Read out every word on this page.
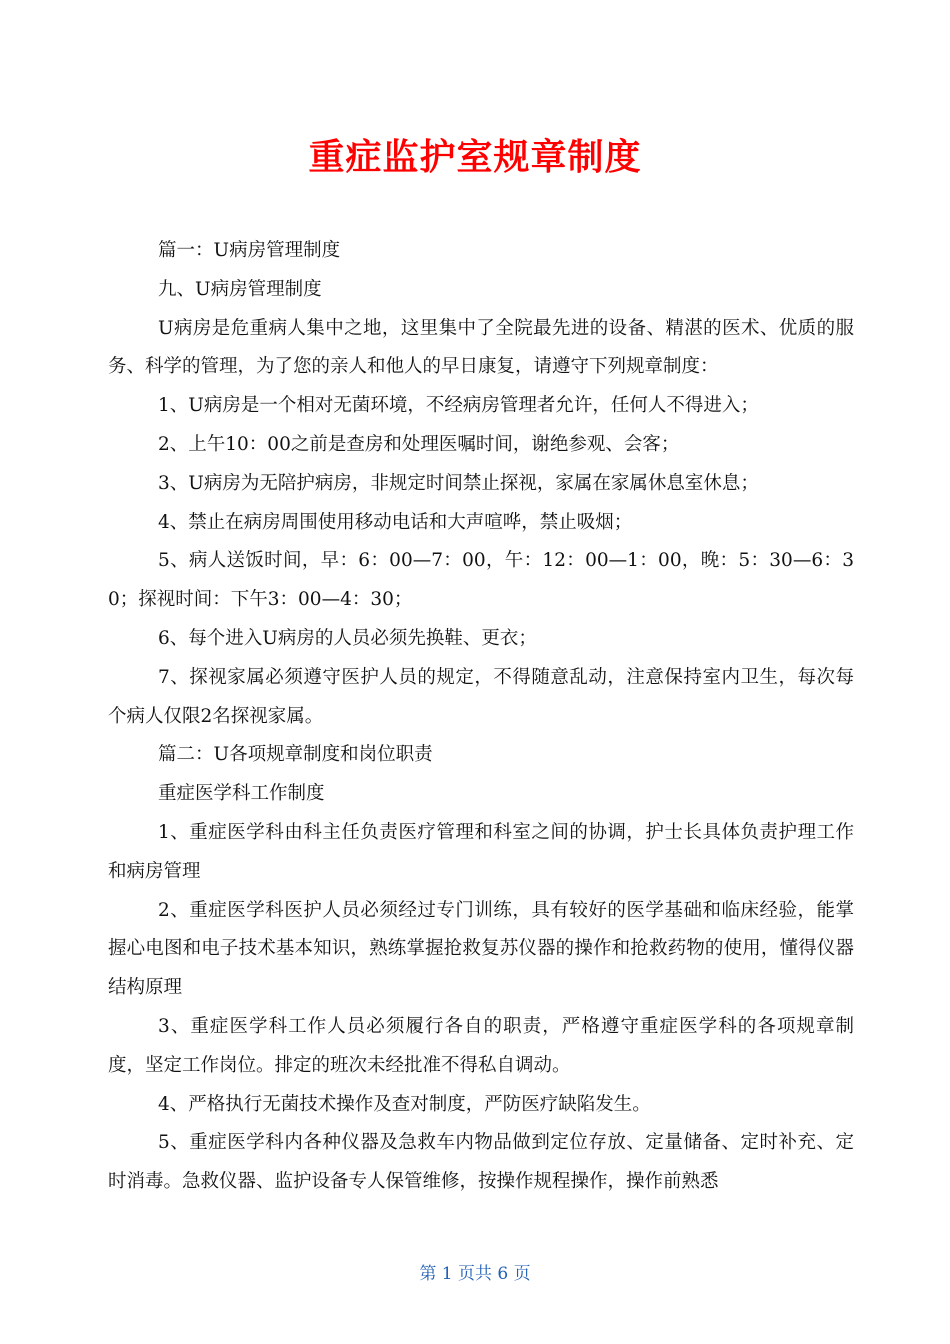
重症监护室规章制度

篇一：U病房管理制度

九、U病房管理制度

U病房是危重病人集中之地，这里集中了全院最先进的设备、精湛的医术、优质的服务、科学的管理，为了您的亲人和他人的早日康复，请遵守下列规章制度：

1、U病房是一个相对无菌环境，不经病房管理者允许，任何人不得进入；

2、上午10：00之前是查房和处理医嘱时间，谢绝参观、会客；

3、U病房为无陪护病房，非规定时间禁止探视，家属在家属休息室休息；

4、禁止在病房周围使用移动电话和大声喧哗，禁止吸烟；

5、病人送饭时间，早：6：00—7：00，午：12：00—1：00，晚：5：30—6：30；探视时间：下午3：00—4：30；

6、每个进入U病房的人员必须先换鞋、更衣；

7、探视家属必须遵守医护人员的规定，不得随意乱动，注意保持室内卫生，每次每个病人仅限2名探视家属。

篇二：U各项规章制度和岗位职责

重症医学科工作制度

1、重症医学科由科主任负责医疗管理和科室之间的协调，护士长具体负责护理工作和病房管理

2、重症医学科医护人员必须经过专门训练，具有较好的医学基础和临床经验，能掌握心电图和电子技术基本知识，熟练掌握抢救复苏仪器的操作和抢救药物的使用，懂得仪器结构原理

3、重症医学科工作人员必须履行各自的职责，严格遵守重症医学科的各项规章制度，坚定工作岗位。排定的班次未经批准不得私自调动。

4、严格执行无菌技术操作及查对制度，严防医疗缺陷发生。

5、重症医学科内各种仪器及急救车内物品做到定位存放、定量储备、定时补充、定时消毒。急救仪器、监护设备专人保管维修，按操作规程操作，操作前熟悉

第 1 页共 6 页
